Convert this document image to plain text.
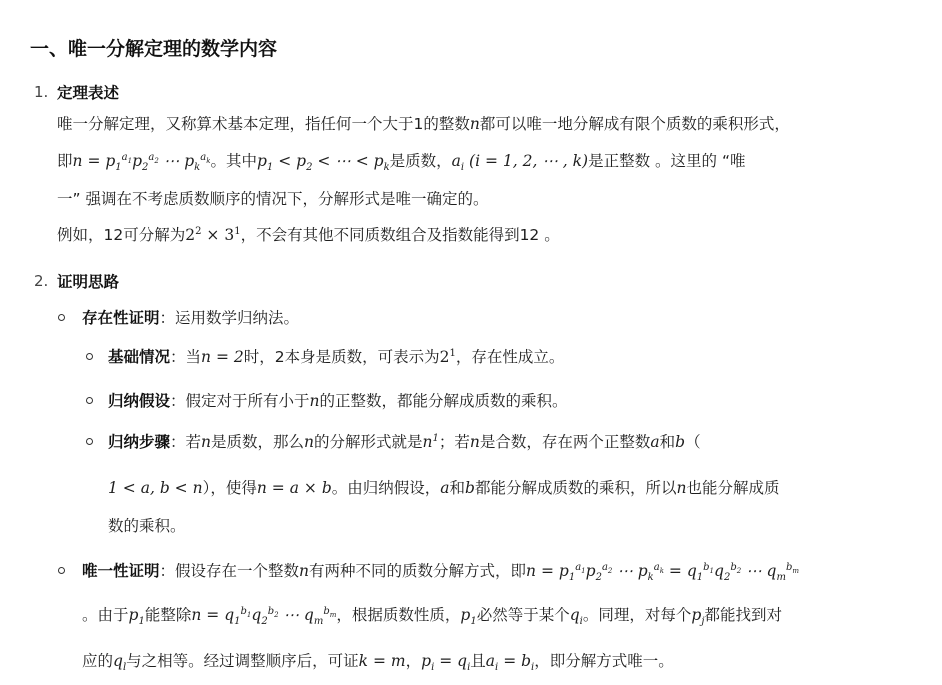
一、唯一分解定理的数学内容
1. 定理表述
唯一分解定理，又称算术基本定理，指任何一个大于1的整数n都可以唯一地分解成有限个质数的乘积形式，
即$n = p_1^{a_1}p_2^{a_2}$ ⋯ $p_k^{a_k}$。其中$p_1 < p_2$ < ⋯ < $p_k$是质数，$a_i$ (i = 1, 2, ⋯ , k)是正整数 。这里的 “唯
一” 强调在不考虑质数顺序的情况下，分解形式是唯一确定的。
例如，12可分解为$2^2 \times 3^1$，不会有其他不同质数组合及指数能得到12 。
2. 证明思路
存在性证明：运用数学归纳法。
基础情况：当n = 2时，2本身是质数，可表示为$2^1$，存在性成立。
归纳假设：假定对于所有小于n的正整数，都能分解成质数的乘积。
归纳步骤：若n是质数，那么n的分解形式就是$n^1$；若n是合数，存在两个正整数a和b（
1 < a, b < n），使得n = a × b。由归纳假设，a和b都能分解成质数的乘积，所以n也能分解成质
数的乘积。
唯一性证明：假设存在一个整数n有两种不同的质数分解方式，即$n = p_1^{a_1}p_2^{a_2}$ ⋯ $p_k^{a_k} = q_1^{b_1}q_2^{b_2}$ ⋯ $q_m^{b_m}$
。由于$p_1$能整除$n = q_1^{b_1}q_2^{b_2}$ ⋯ $q_m^{b_m}$，根据质数性质，$p_1$必然等于某个$q_i$。同理，对每个$p_j$都能找到对
应的$q_l$与之相等。经过调整顺序后，可证k = m，$p_i = q_i$且$a_i = b_i$，即分解方式唯一。
